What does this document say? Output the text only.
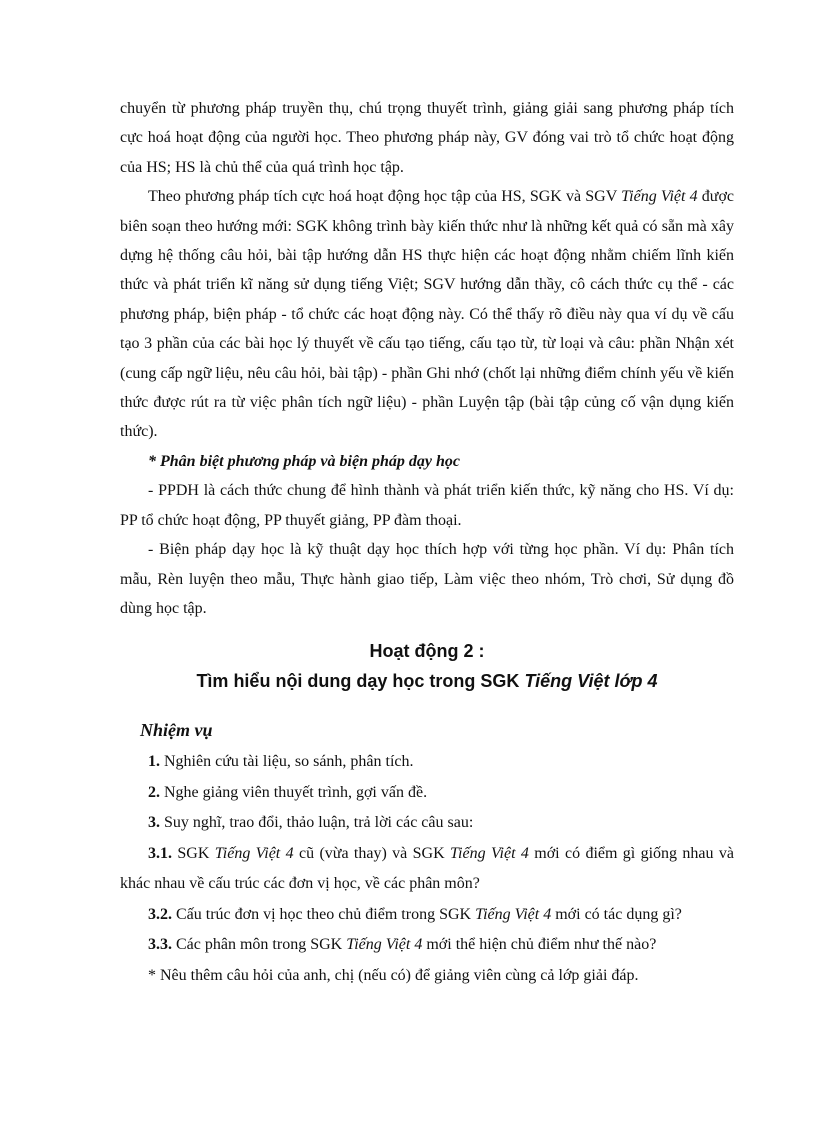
chuyển từ phương pháp truyền thụ, chú trọng thuyết trình, giảng giải sang phương pháp tích cực hoá hoạt động của người học. Theo phương pháp này, GV đóng vai trò tổ chức hoạt động của HS; HS là chủ thể của quá trình học tập.

Theo phương pháp tích cực hoá hoạt động học tập của HS, SGK và SGV Tiếng Việt 4 được biên soạn theo hướng mới: SGK không trình bày kiến thức như là những kết quả có sẵn mà xây dựng hệ thống câu hỏi, bài tập hướng dẫn HS thực hiện các hoạt động nhằm chiếm lĩnh kiến thức và phát triển kĩ năng sử dụng tiếng Việt; SGV hướng dẫn thầy, cô cách thức cụ thể - các phương pháp, biện pháp - tổ chức các hoạt động này. Có thể thấy rõ điều này qua ví dụ về cấu tạo 3 phần của các bài học lý thuyết về cấu tạo tiếng, cấu tạo từ, từ loại và câu: phần Nhận xét (cung cấp ngữ liệu, nêu câu hỏi, bài tập) - phần Ghi nhớ (chốt lại những điểm chính yếu về kiến thức được rút ra từ việc phân tích ngữ liệu) - phần Luyện tập (bài tập củng cố vận dụng kiến thức).

* Phân biệt phương pháp và biện pháp dạy học

- PPDH là cách thức chung để hình thành và phát triển kiến thức, kỹ năng cho HS. Ví dụ: PP tổ chức hoạt động, PP thuyết giảng, PP đàm thoại.

- Biện pháp dạy học là kỹ thuật dạy học thích hợp với từng học phần. Ví dụ: Phân tích mẫu, Rèn luyện theo mẫu, Thực hành giao tiếp, Làm việc theo nhóm, Trò chơi, Sử dụng đồ dùng học tập.

Hoạt động 2 :
Tìm hiểu nội dung dạy học trong SGK Tiếng Việt lớp 4
Nhiệm vụ

1. Nghiên cứu tài liệu, so sánh, phân tích.

2. Nghe giảng viên thuyết trình, gợi vấn đề.

3. Suy nghĩ, trao đổi, thảo luận, trả lời các câu sau:

3.1. SGK Tiếng Việt 4 cũ (vừa thay) và SGK Tiếng Việt 4 mới có điểm gì giống nhau và khác nhau về cấu trúc các đơn vị học, về các phân môn?

3.2. Cấu trúc đơn vị học theo chủ điểm trong SGK Tiếng Việt 4 mới có tác dụng gì?

3.3. Các phân môn trong SGK Tiếng Việt 4 mới thể hiện chủ điểm như thế nào?

* Nêu thêm câu hỏi của anh, chị (nếu có) để giảng viên cùng cả lớp giải đáp.
